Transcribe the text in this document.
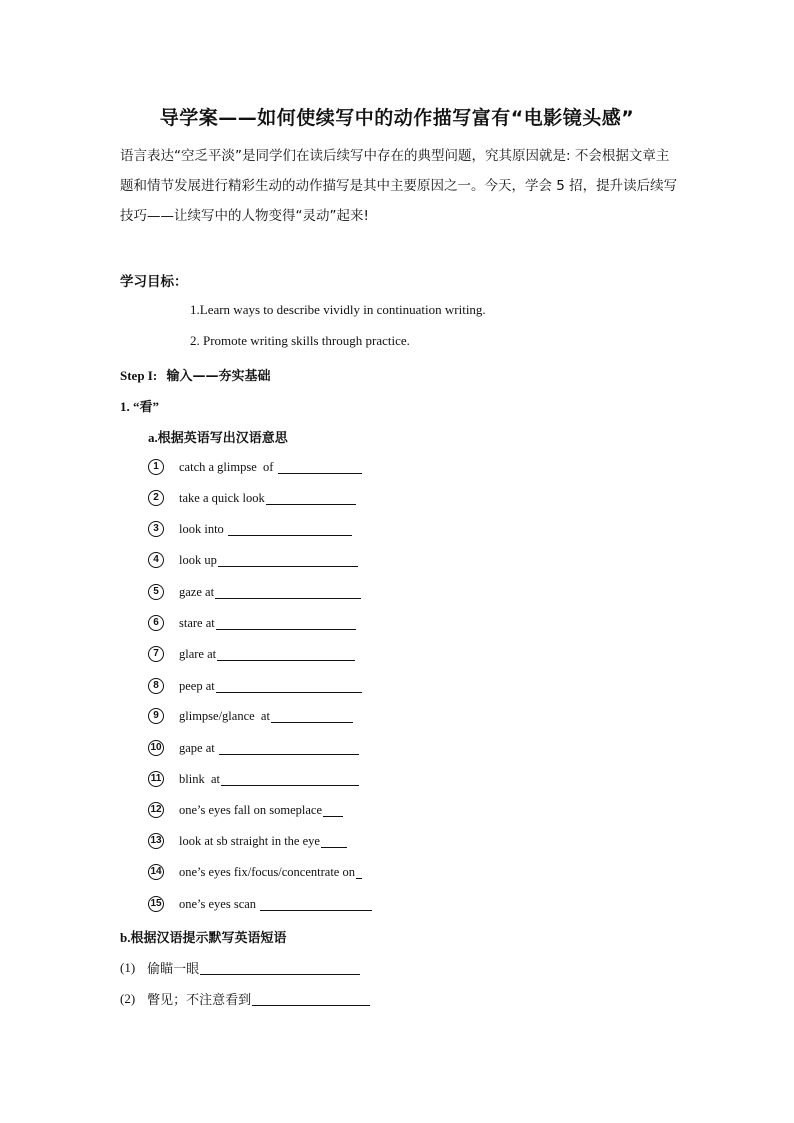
导学案——如何使续写中的动作描写富有“电影镜头感”
语言表达“空乏平淡”是同学们在读后续写中存在的典型问题，究其原因就是: 不会根据文章主题和情节发展进行精彩生动的动作描写是其中主要原因之一。今天，学会 5 招，提升读后续写技巧——让续写中的人物变得“灵动”起来!
学习目标：
1.Learn ways to describe vividly in continuation writing.
2. Promote writing skills through practice.
Step I: 输入——夯实基础
1. “看”
a.根据英语写出汉语意思
1	catch a glimpse  of
2	take a quick look
3	look into
4	look up
5	gaze at
6	stare at
7	glare at
8	peep at
9	glimpse/glance  at
10 gape at
11 blink  at
12 one’s eyes fall on someplace
13 look at sb straight in the eye
14 one’s eyes fix/focus/concentrate on
15 one’s eyes scan
b.根据汉语提示默写英语短语
(1) 偷瞄一眼
(2) 瞥见；不注意看到
